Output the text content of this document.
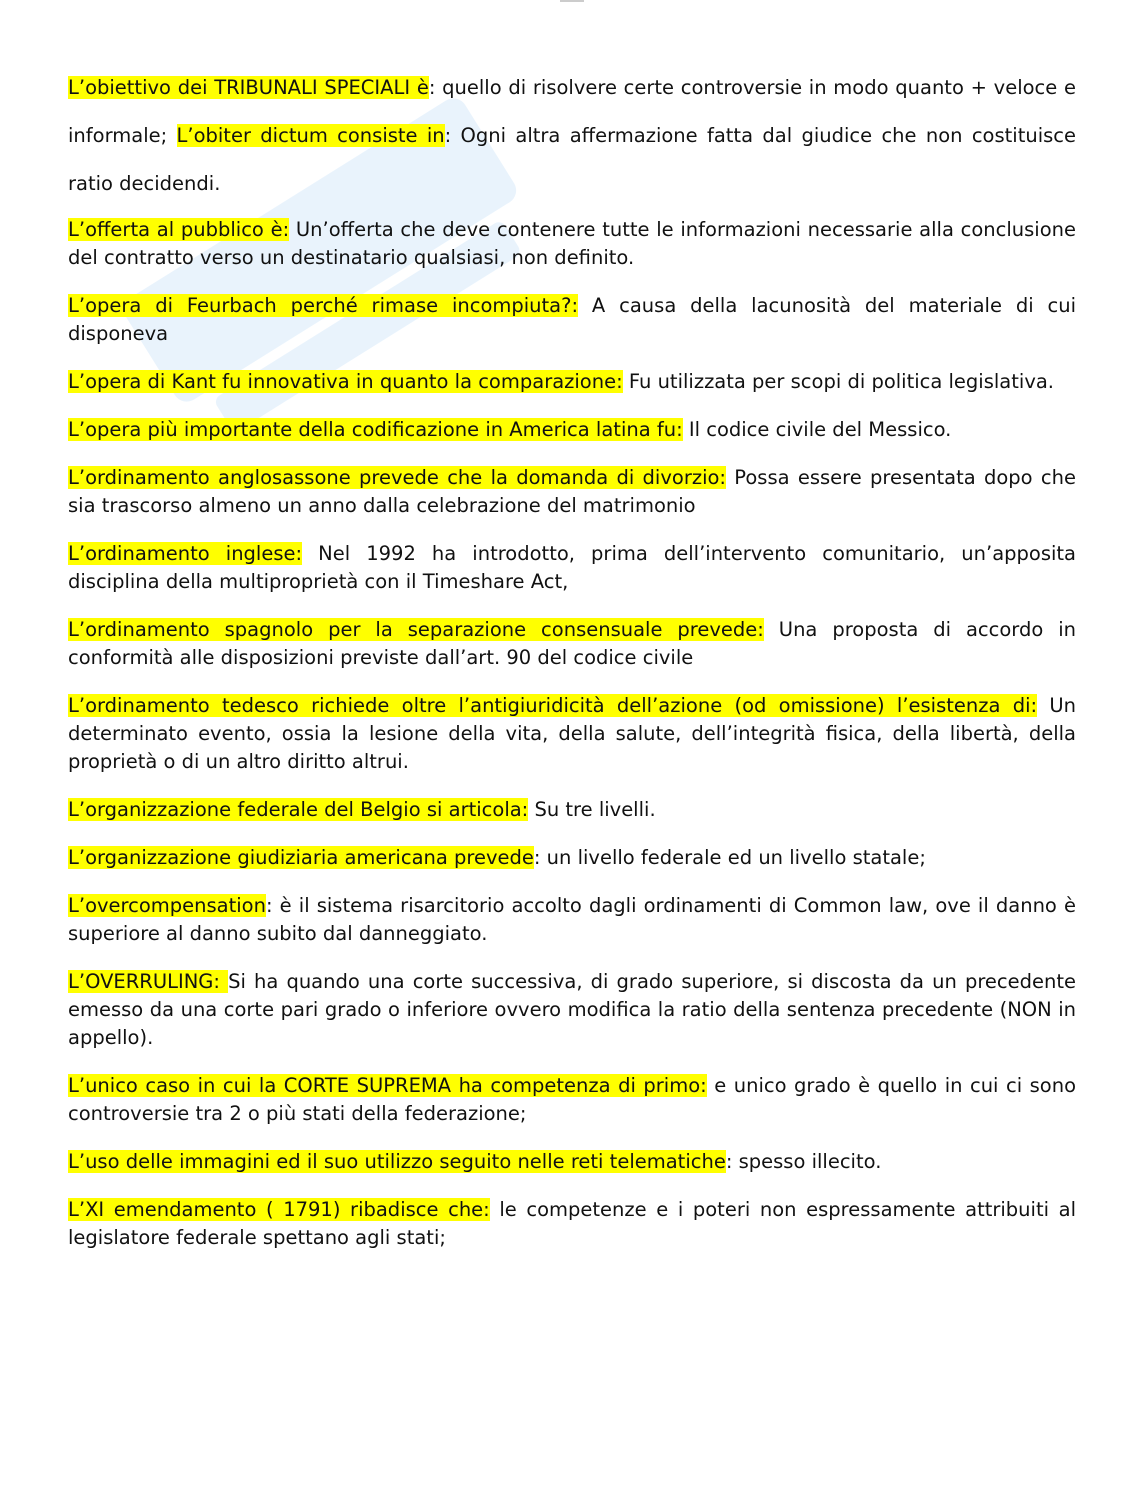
L’obiettivo dei TRIBUNALI SPECIALI è: quello di risolvere certe controversie in modo quanto + veloce e informale; L’obiter dictum consiste in: Ogni altra affermazione fatta dal giudice che non costituisce ratio decidendi.

L’offerta al pubblico è: Un’offerta che deve contenere tutte le informazioni necessarie alla conclusione del contratto verso un destinatario qualsiasi, non definito.

L’opera di Feurbach perché rimase incompiuta?: A causa della lacunosità del materiale di cui disponeva

L’opera di Kant fu innovativa in quanto la comparazione: Fu utilizzata per scopi di politica legislativa.

L’opera più importante della codificazione in America latina fu: Il codice civile del Messico.

L’ordinamento anglosassone prevede che la domanda di divorzio: Possa essere presentata dopo che sia trascorso almeno un anno dalla celebrazione del matrimonio

L’ordinamento inglese: Nel 1992 ha introdotto, prima dell’intervento comunitario, un’apposita disciplina della multiproprietà con il Timeshare Act,

L’ordinamento spagnolo per la separazione consensuale prevede: Una proposta di accordo in conformità alle disposizioni previste dall’art. 90 del codice civile

L’ordinamento tedesco richiede oltre l’antigiuridicità dell’azione (od omissione) l’esistenza di: Un determinato evento, ossia la lesione della vita, della salute, dell’integrità fisica, della libertà, della proprietà o di un altro diritto altrui.

L’organizzazione federale del Belgio si articola: Su tre livelli.

L’organizzazione giudiziaria americana prevede: un livello federale ed un livello statale;

L’overcompensation: è il sistema risarcitorio accolto dagli ordinamenti di Common law, ove il danno è superiore al danno subito dal danneggiato.

L’OVERRULING: Si ha quando una corte successiva, di grado superiore, si discosta da un precedente emesso da una corte pari grado o inferiore ovvero modifica la ratio della sentenza precedente (NON in appello).

L’unico caso in cui la CORTE SUPREMA ha competenza di primo: e unico grado è quello in cui ci sono controversie tra 2 o più stati della federazione;

L’uso delle immagini ed il suo utilizzo seguito nelle reti telematiche: spesso illecito.

L’XI emendamento ( 1791) ribadisce che: le competenze e i poteri non espressamente attribuiti al legislatore federale spettano agli stati;
